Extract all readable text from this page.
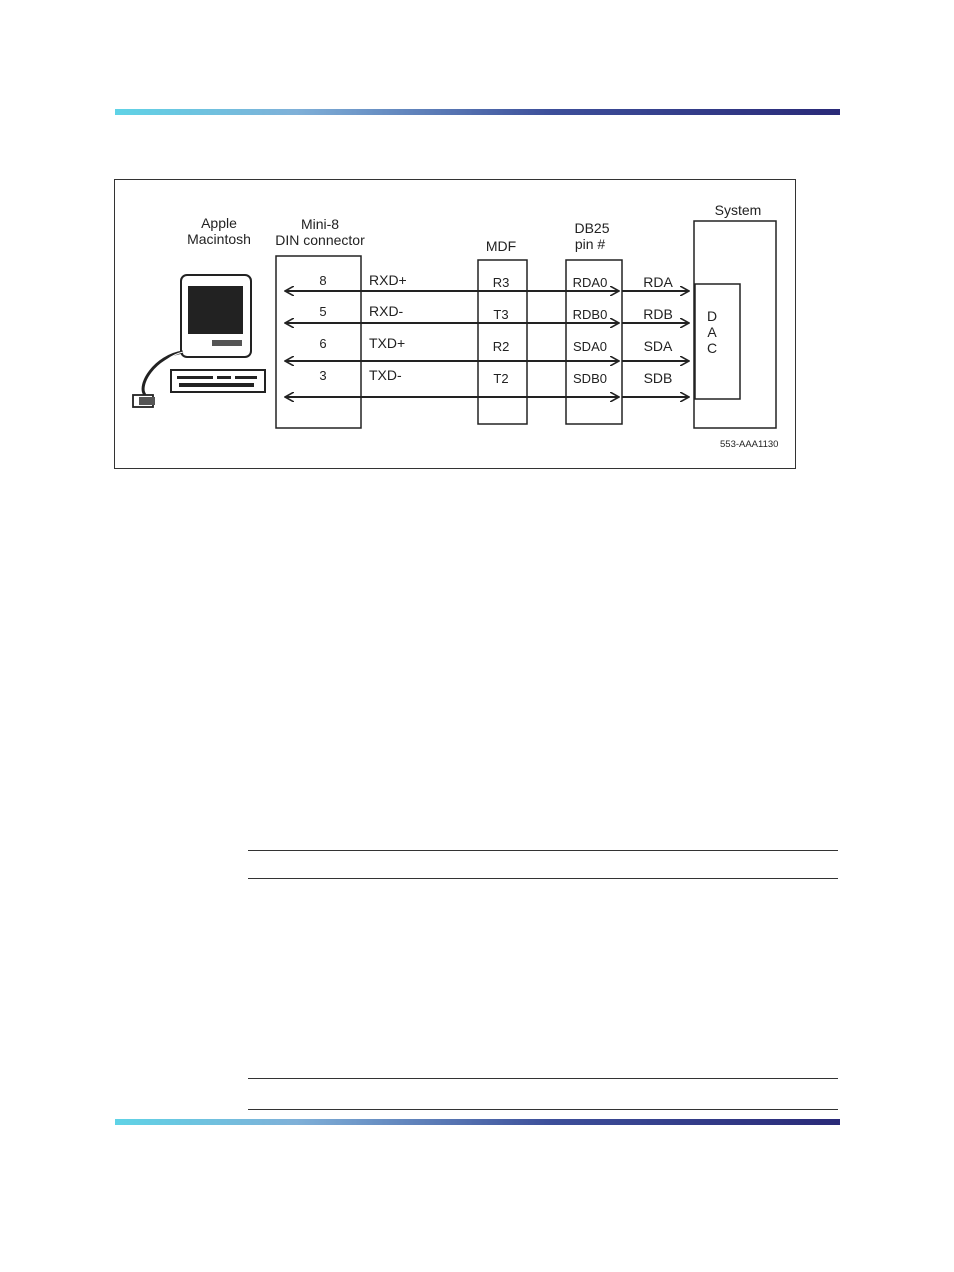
Apple
Macintosh
Mini-8
DIN connector	MDF
DB25
pin #
System
D
A
C
8	RXD+	R3	RDA0	RDA
5	RXD-	T3	RDB0	RDB
6	TXD+	R2	SDA0	SDA
3	TXD-	T2	SDB0	SDB
553-AAA1130
